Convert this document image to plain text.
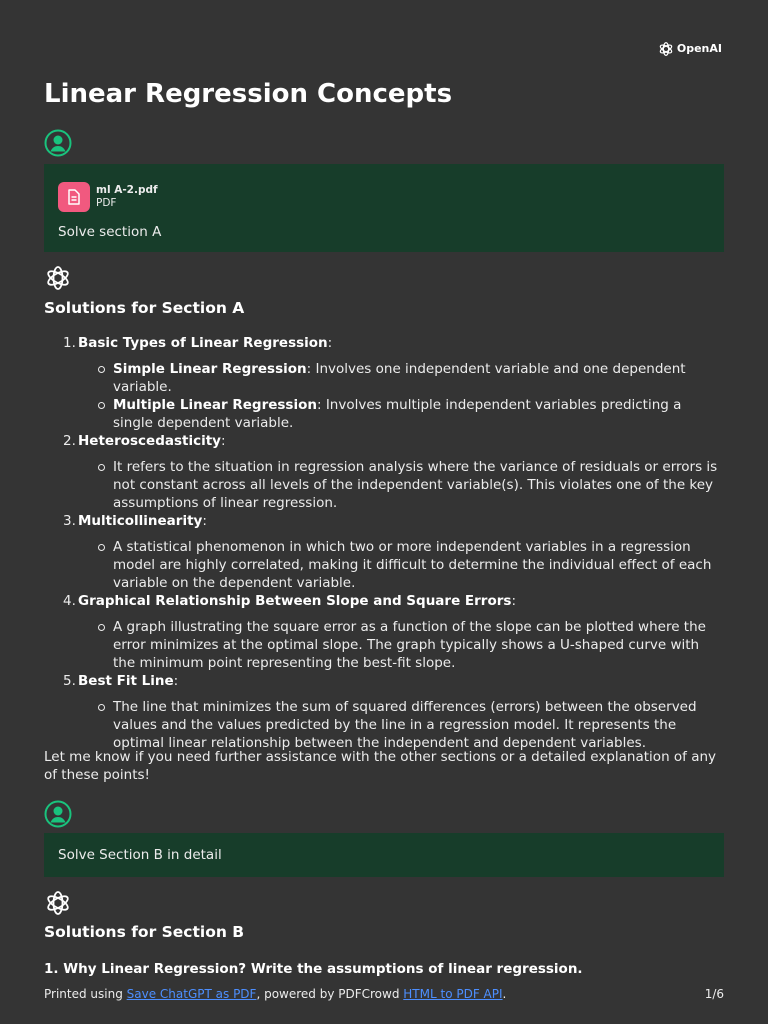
OpenAI
Linear Regression Concepts
ml A-2.pdf
PDF
Solve section A
Solutions for Section A
1. Basic Types of Linear Regression:
Simple Linear Regression: Involves one independent variable and one dependent variable.
Multiple Linear Regression: Involves multiple independent variables predicting a single dependent variable.
2. Heteroscedasticity:
It refers to the situation in regression analysis where the variance of residuals or errors is not constant across all levels of the independent variable(s). This violates one of the key assumptions of linear regression.
3. Multicollinearity:
A statistical phenomenon in which two or more independent variables in a regression model are highly correlated, making it difficult to determine the individual effect of each variable on the dependent variable.
4. Graphical Relationship Between Slope and Square Errors:
A graph illustrating the square error as a function of the slope can be plotted where the error minimizes at the optimal slope. The graph typically shows a U-shaped curve with the minimum point representing the best-fit slope.
5. Best Fit Line:
The line that minimizes the sum of squared differences (errors) between the observed values and the values predicted by the line in a regression model. It represents the optimal linear relationship between the independent and dependent variables.

Let me know if you need further assistance with the other sections or a detailed explanation of any of these points!

Solve Section B in detail
Solutions for Section B

1. Why Linear Regression? Write the assumptions of linear regression.

Printed using Save ChatGPT as PDF, powered by PDFCrowd HTML to PDF API.	1/6
